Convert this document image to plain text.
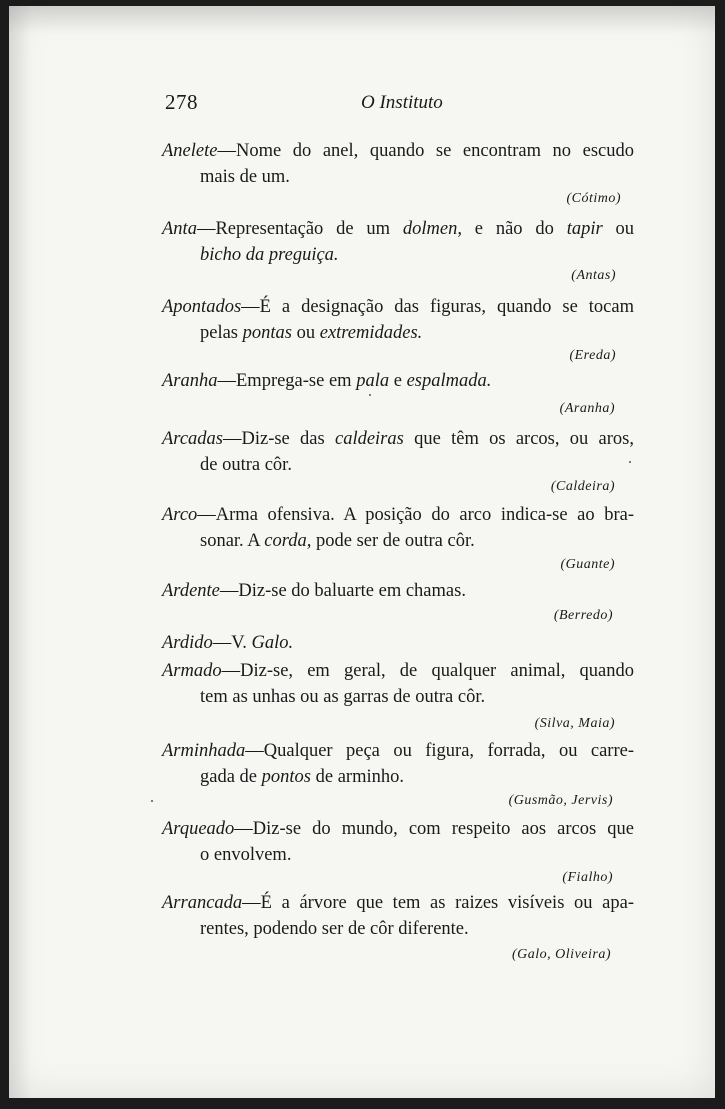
278	O Instituto
Anelete—Nome do anel, quando se encontram no escudo
mais de um.
(Cótimo)
Anta—Representação de um dolmen, e não do tapir ou
bicho da preguiça.
(Antas)
Apontados—É a designação das figuras, quando se tocam
pelas pontas ou extremidades.
(Ereda)
Aranha—Emprega-se em pala e espalmada.
(Aranha)
Arcadas—Diz-se das caldeiras que têm os arcos, ou aros,
de outra côr.
(Caldeira)
Arco—Arma ofensiva. A posição do arco indica-se ao bra-
sonar. A corda, pode ser de outra côr.
(Guante)
Ardente—Diz-se do baluarte em chamas.
(Berredo)
Ardido—V. Galo.
Armado—Diz-se, em geral, de qualquer animal, quando
tem as unhas ou as garras de outra côr.
(Silva, Maia)
Arminhada—Qualquer peça ou figura, forrada, ou carre-
gada de pontos de arminho.
(Gusmão, Jervis)
Arqueado—Diz-se do mundo, com respeito aos arcos que
o envolvem.
(Fialho)
Arrancada—É a árvore que tem as raizes visíveis ou apa-
rentes, podendo ser de côr diferente.
(Galo, Oliveira)
